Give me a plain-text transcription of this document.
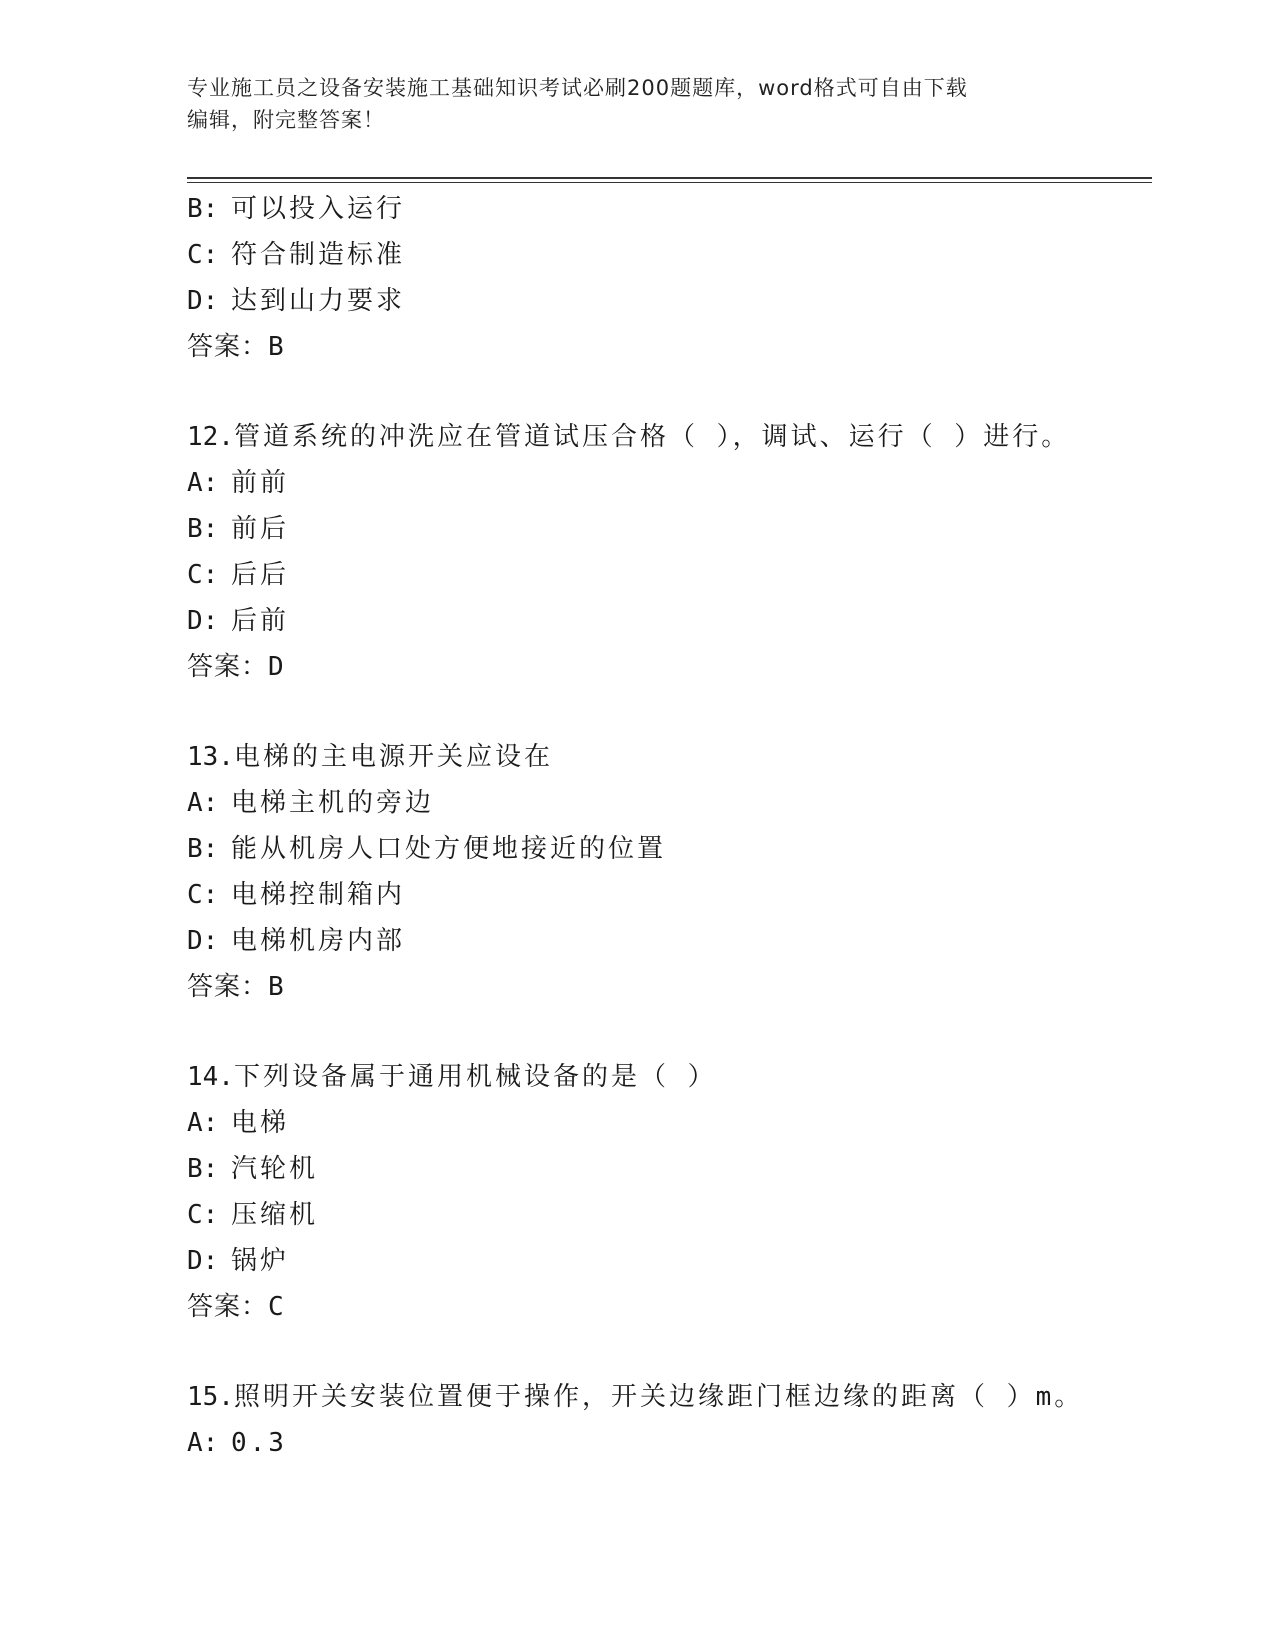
专业施工员之设备安装施工基础知识考试必刷200题题库，word格式可自由下载
编辑，附完整答案！
B: 可以投入运行
C: 符合制造标准
D: 达到山力要求
答案：B
12.管道系统的冲洗应在管道试压合格（ ），调试、运行（ ）进行。
A: 前前
B: 前后
C: 后后
D: 后前
答案：D
13.电梯的主电源开关应设在
A: 电梯主机的旁边
B: 能从机房人口处方便地接近的位置
C: 电梯控制箱内
D: 电梯机房内部
答案：B
14.下列设备属于通用机械设备的是（ ）
A: 电梯
B: 汽轮机
C: 压缩机
D: 锅炉
答案：C
15.照明开关安装位置便于操作，开关边缘距门框边缘的距离（ ）m。
A: 0.3
